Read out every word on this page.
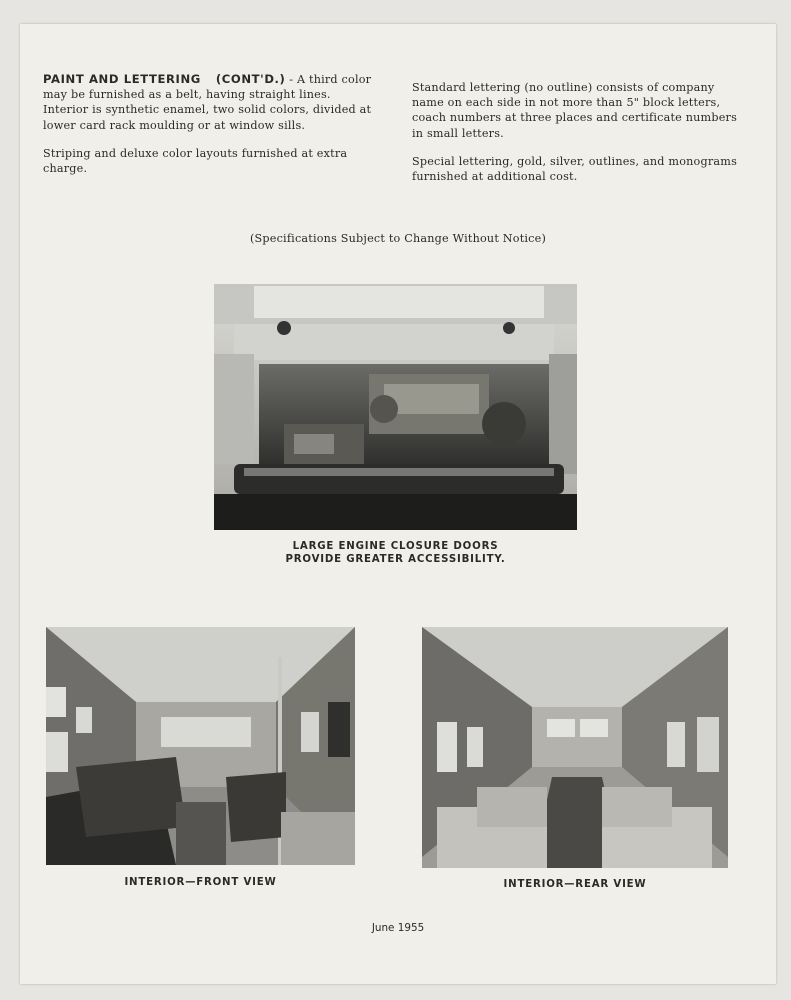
PAINT AND LETTERING (CONT'D.) - A third color may be furnished as a belt, having straight lines. Interior is synthetic enamel, two solid colors, divided at lower card rack moulding or at window sills.

Striping and deluxe color layouts furnished at extra charge.

Standard lettering (no outline) consists of company name on each side in not more than 5" block letters, coach numbers at three places and certificate numbers in small letters.

Special lettering, gold, silver, outlines, and monograms furnished at additional cost.

(Specifications Subject to Change Without Notice)
LARGE ENGINE CLOSURE DOORS
PROVIDE GREATER ACCESSIBILITY.
INTERIOR—FRONT VIEW	INTERIOR—REAR VIEW
June 1955
